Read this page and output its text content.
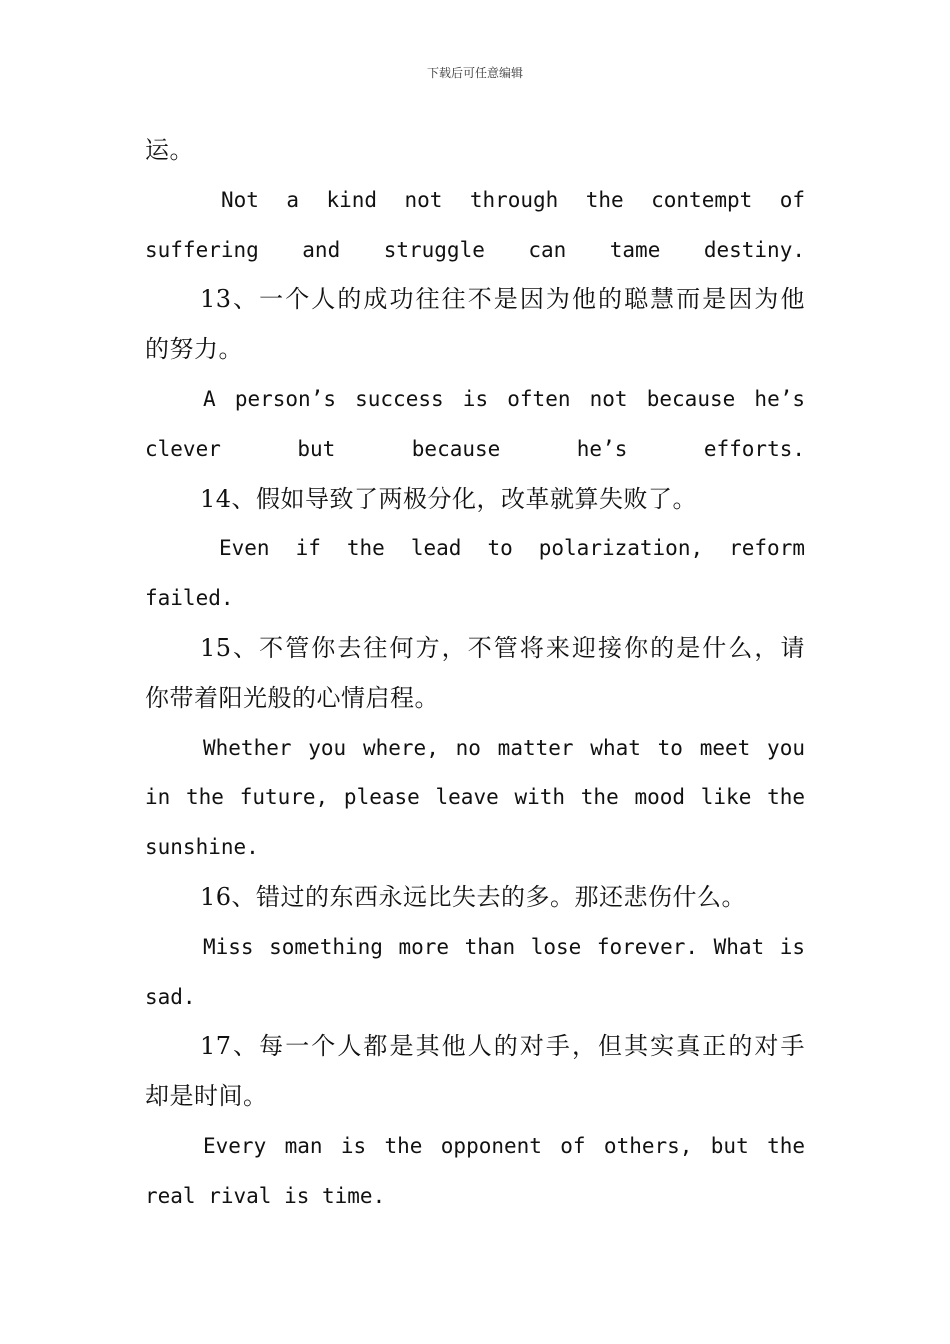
下载后可任意编辑
运。
Not a kind not through the contempt of
suffering and struggle can tame destiny.
13、一个人的成功往往不是因为他的聪慧而是因为他
的努力。
A person’s success is often not because he’s
clever but because he’s efforts.
14、假如导致了两极分化，改革就算失败了。
Even if the lead to polarization, reform
failed.
15、不管你去往何方，不管将来迎接你的是什么，请
你带着阳光般的心情启程。
Whether you where, no matter what to meet you
in the future, please leave with the mood like the
sunshine.
16、错过的东西永远比失去的多。那还悲伤什么。
Miss something more than lose forever. What is
sad.
17、每一个人都是其他人的对手，但其实真正的对手
却是时间。
Every man is the opponent of others, but the
real rival is time.
